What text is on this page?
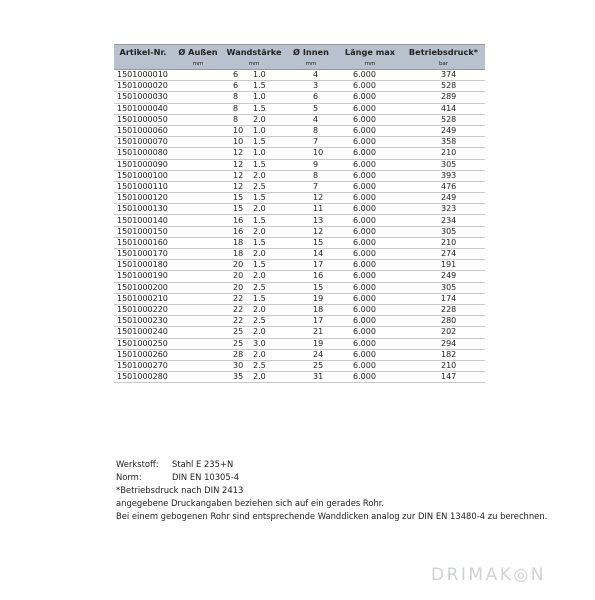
Artikel-Nr.	Ø Außen	Wandstärke	Ø Innen	Länge max	Betriebsdruck*
	mm	mm	mm	mm	bar
1501000010	6	1.0	4	6.000	374
1501000020	6	1.5	3	6.000	528
1501000030	8	1.0	6	6.000	289
1501000040	8	1.5	5	6.000	414
1501000050	8	2.0	4	6.000	528
1501000060	10	1.0	8	6.000	249
1501000070	10	1.5	7	6.000	358
1501000080	12	1.0	10	6.000	210
1501000090	12	1.5	9	6.000	305
1501000100	12	2.0	8	6.000	393
1501000110	12	2.5	7	6.000	476
1501000120	15	1.5	12	6.000	249
1501000130	15	2.0	11	6.000	323
1501000140	16	1.5	13	6.000	234
1501000150	16	2.0	12	6.000	305
1501000160	18	1.5	15	6.000	210
1501000170	18	2.0	14	6.000	274
1501000180	20	1.5	17	6.000	191
1501000190	20	2.0	16	6.000	249
1501000200	20	2.5	15	6.000	305
1501000210	22	1.5	19	6.000	174
1501000220	22	2.0	18	6.000	228
1501000230	22	2.5	17	6.000	280
1501000240	25	2.0	21	6.000	202
1501000250	25	3.0	19	6.000	294
1501000260	28	2.0	24	6.000	182
1501000270	30	2.5	25	6.000	210
1501000280	35	2.0	31	6.000	147
Werkstoff: Stahl E 235+N
Norm:	DIN EN 10305-4
*Betriebsdruck nach DIN 2413
angegebene Druckangaben beziehen sich auf ein gerades Rohr.
Bei einem gebogenen Rohr sind entsprechende Wanddicken analog zur DIN EN 13480-4 zu berechnen.
DRIMAK◎N
